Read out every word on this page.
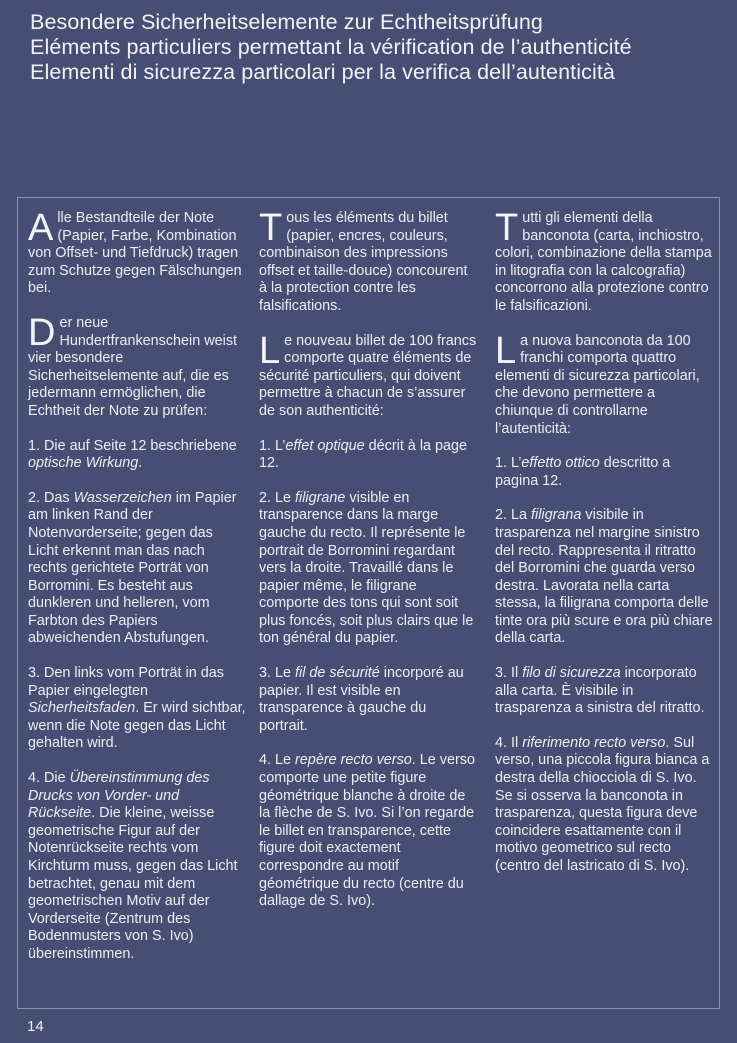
Besondere Sicherheitselemente zur Echtheitsprüfung
Eléments particuliers permettant la vérification de l’authenticité
Elementi di sicurezza particolari per la verifica dell’autenticità

Alle Bestandteile der Note (Papier, Farbe, Kombination von Offset- und Tiefdruck) tragen zum Schutze gegen Fälschungen bei.

Der neue Hundertfrankenschein weist vier besondere Sicherheitselemente auf, die es jedermann ermöglichen, die Echtheit der Note zu prüfen:

1. Die auf Seite 12 beschriebene optische Wirkung.

2. Das Wasserzeichen im Papier am linken Rand der Notenvorderseite; gegen das Licht erkennt man das nach rechts gerichtete Porträt von Borromini. Es besteht aus dunkleren und helleren, vom Farbton des Papiers abweichenden Abstufungen.

3. Den links vom Porträt in das Papier eingelegten Sicherheitsfaden. Er wird sichtbar, wenn die Note gegen das Licht gehalten wird.

4. Die Übereinstimmung des Drucks von Vorder- und Rückseite. Die kleine, weisse geometrische Figur auf der Notenrückseite rechts vom Kirchturm muss, gegen das Licht betrachtet, genau mit dem geometrischen Motiv auf der Vorderseite (Zentrum des Bodenmusters von S. Ivo) übereinstimmen.

Tous les éléments du billet (papier, encres, couleurs, combinaison des impressions offset et taille-douce) concourent à la protection contre les falsifications.

Le nouveau billet de 100 francs comporte quatre éléments de sécurité particuliers, qui doivent permettre à chacun de s’assurer de son authenticité:

1. L’effet optique décrit à la page 12.

2. Le filigrane visible en transparence dans la marge gauche du recto. Il représente le portrait de Borromini regardant vers la droite. Travaillé dans le papier même, le filigrane comporte des tons qui sont soit plus foncés, soit plus clairs que le ton général du papier.

3. Le fil de sécurité incorporé au papier. Il est visible en transparence à gauche du portrait.

4. Le repère recto verso. Le verso comporte une petite figure géométrique blanche à droite de la flèche de S. Ivo. Si l’on regarde le billet en transparence, cette figure doit exactement correspondre au motif géométrique du recto (centre du dallage de S. Ivo).

Tutti gli elementi della banconota (carta, inchiostro, colori, combinazione della stampa in litografia con la calcografia) concorrono alla protezione contro le falsificazioni.

La nuova banconota da 100 franchi comporta quattro elementi di sicurezza particolari, che devono permettere a chiunque di controllarne l’autenticità:

1. L’effetto ottico descritto a pagina 12.

2. La filigrana visibile in trasparenza nel margine sinistro del recto. Rappresenta il ritratto del Borromini che guarda verso destra. Lavorata nella carta stessa, la filigrana comporta delle tinte ora più scure e ora più chiare della carta.

3. Il filo di sicurezza incorporato alla carta. È visibile in trasparenza a sinistra del ritratto.

4. Il riferimento recto verso. Sul verso, una piccola figura bianca a destra della chiocciola di S. Ivo. Se si osserva la banconota in trasparenza, questa figura deve coincidere esattamente con il motivo geometrico sul recto (centro del lastricato di S. Ivo).

14
